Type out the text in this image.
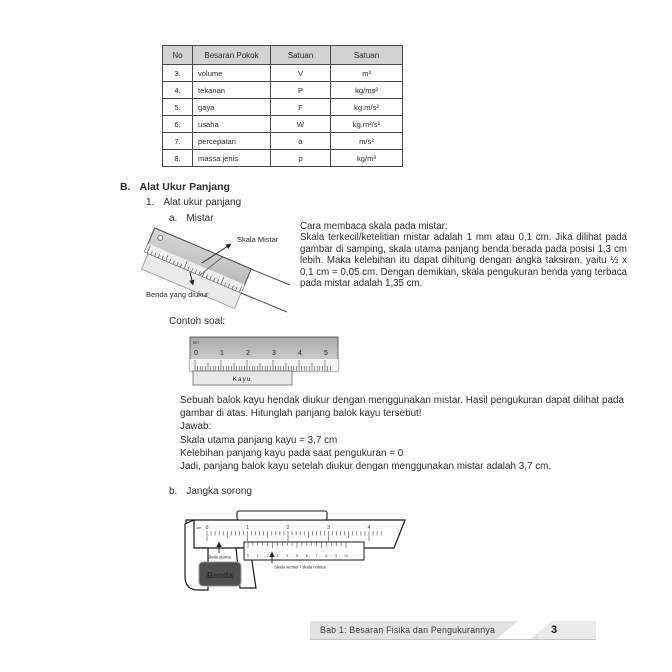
No	Besaran Pokok	Satuan	Satuan
3.	volume	V	m³
4.	tekanan	P	kg/ms²
5.	gaya	F	kg.m/s²
6.	usaha	W	kg.m²/s²
7.	percepatan	a	m/s²
8.	massa jenis	ρ	kg/m³
B. Alat Ukur Panjang
1. Alat ukur panjang
a. Mistar
Skala Mistar
Benda yang diukur
Cara membaca skala pada mistar:
Skala terkecil/ketelitian mistar adalah 1 mm atau 0,1 cm. Jika dilihat pada gambar di samping, skala utama panjang benda berada pada posisi 1,3 cm lebih. Maka kelebihan itu dapat dihitung dengan angka taksiran, yaitu ½ x 0,1 cm = 0,05 cm. Dengan demikian, skala pengukuran benda yang terbaca pada mistar adalah 1,35 cm.
Contoh soal:
cm
0	1	2	3	4	5
Kayu
Sebuah balok kayu hendak diukur dengan menggunakan mistar. Hasil pengukuran dapat dilihat pada gambar di atas. Hitunglah panjang balok kayu tersebut!
Jawab:
Skala utama panjang kayu = 3,7 cm
Kelebihan panjang kayu pada saat pengukuran = 0
Jadi, panjang balok kayu setelah diukur dengan menggunakan mistar adalah 3,7 cm.
b. Jangka sorong
cm 0	1	2	3	4
0 1 2 3 4 5 6 7 8 9 10
Skala utama
Skala vernier / skala nonius
Benda
Bab 1: Besaran Fisika dan Pengukurannya	3
